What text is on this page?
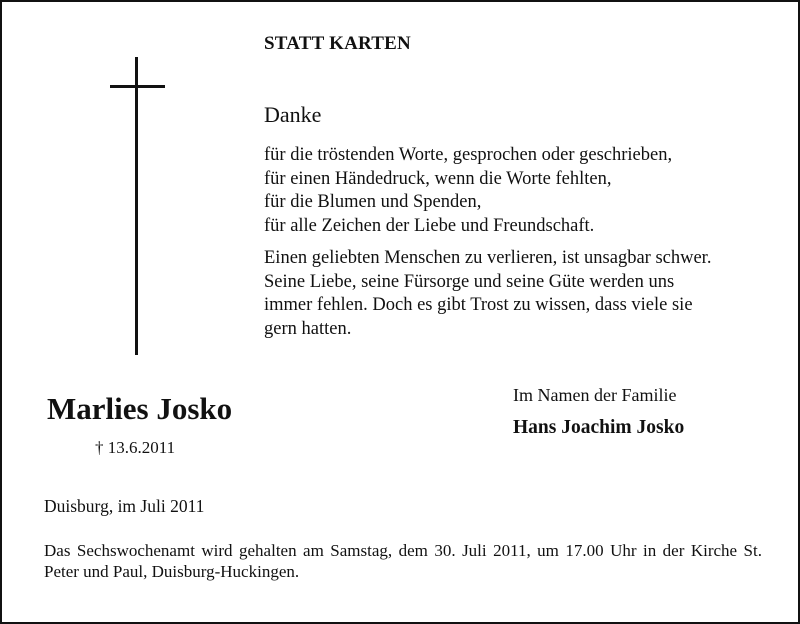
STATT KARTEN
Danke
für die tröstenden Worte, gesprochen oder geschrieben,
für einen Händedruck, wenn die Worte fehlten,
für die Blumen und Spenden,
für alle Zeichen der Liebe und Freundschaft.
Einen geliebten Menschen zu verlieren, ist unsagbar schwer.
Seine Liebe, seine Fürsorge und seine Güte werden uns
immer fehlen. Doch es gibt Trost zu wissen, dass viele sie
gern hatten.
Marlies Josko
† 13.6.2011
Im Namen der Familie
Hans Joachim Josko
Duisburg, im Juli 2011
Das Sechswochenamt wird gehalten am Samstag, dem 30. Juli 2011, um 17.00 Uhr in der Kirche St. Peter und Paul, Duisburg-Huckingen.
